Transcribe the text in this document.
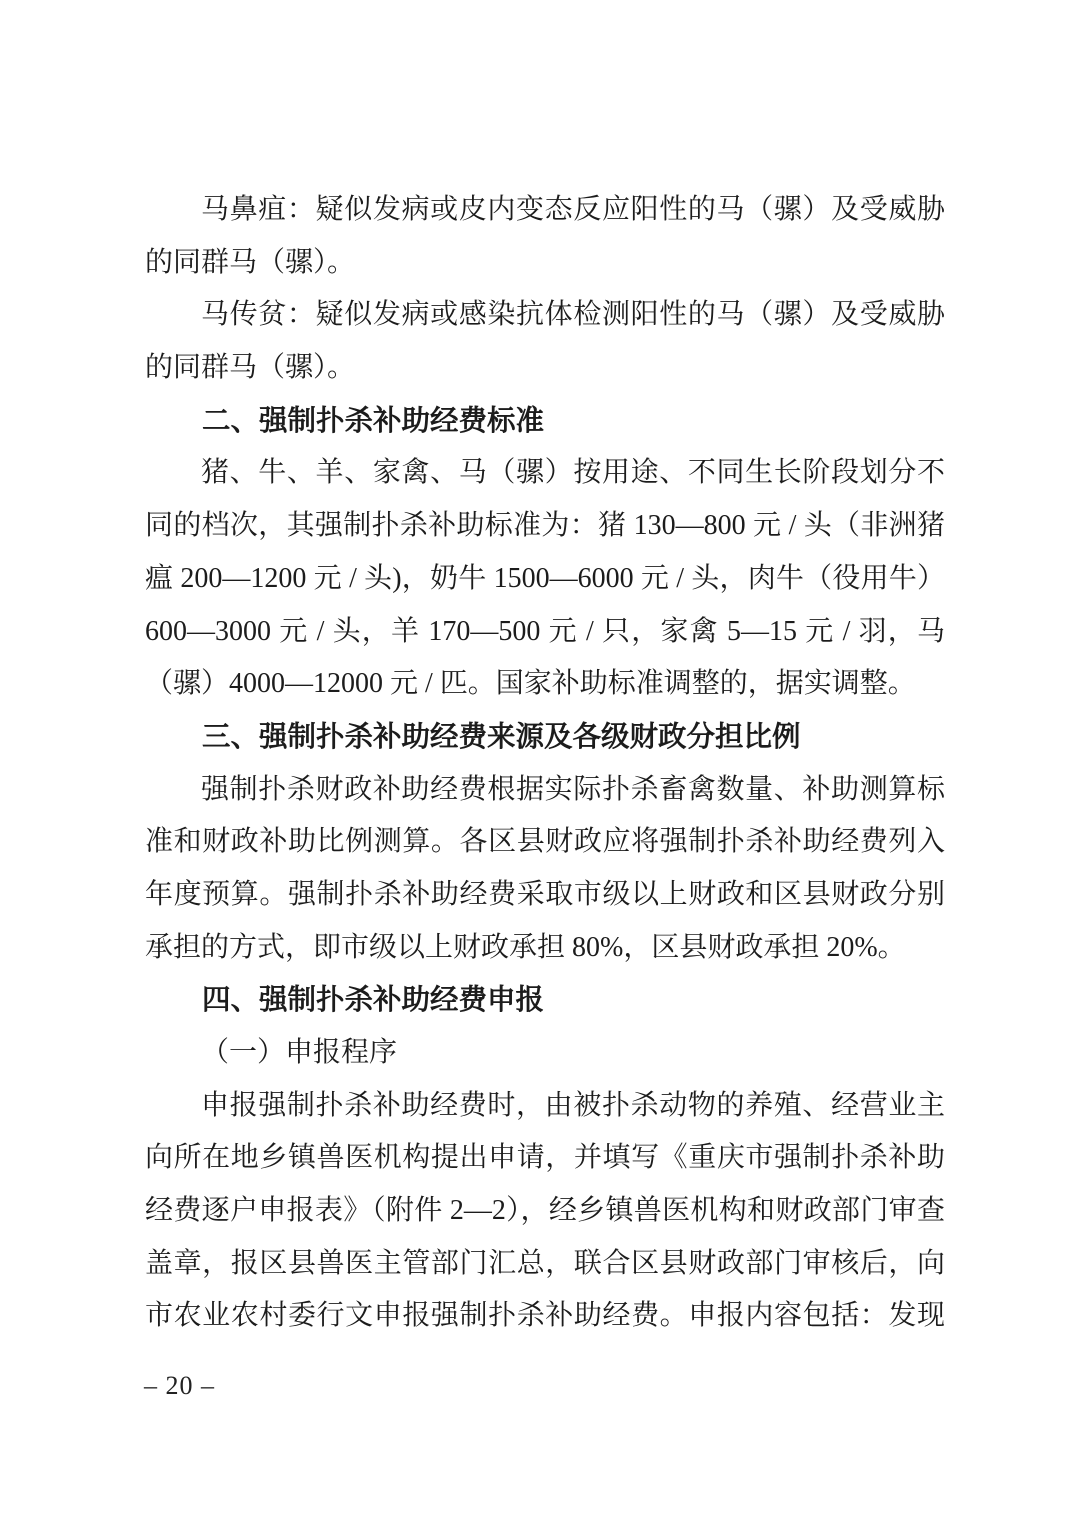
马鼻疽：疑似发病或皮内变态反应阳性的马（骡）及受威胁
的同群马（骡）。
马传贫：疑似发病或感染抗体检测阳性的马（骡）及受威胁
的同群马（骡）。
二、强制扑杀补助经费标准
猪、牛、羊、家禽、马（骡）按用途、不同生长阶段划分不
同的档次，其强制扑杀补助标准为：猪 130—800 元 / 头（非洲猪
瘟 200—1200 元 / 头)，奶牛 1500—6000 元 / 头，肉牛（役用牛）
600—3000 元 / 头，羊 170—500 元 / 只，家禽 5—15 元 / 羽，马
（骡）4000—12000 元 / 匹。国家补助标准调整的，据实调整。
三、强制扑杀补助经费来源及各级财政分担比例
强制扑杀财政补助经费根据实际扑杀畜禽数量、补助测算标
准和财政补助比例测算。各区县财政应将强制扑杀补助经费列入
年度预算。强制扑杀补助经费采取市级以上财政和区县财政分别
承担的方式，即市级以上财政承担 80%，区县财政承担 20%。
四、强制扑杀补助经费申报
（一）申报程序
申报强制扑杀补助经费时，由被扑杀动物的养殖、经营业主
向所在地乡镇兽医机构提出申请，并填写《重庆市强制扑杀补助
经费逐户申报表》（附件 2—2），经乡镇兽医机构和财政部门审查
盖章，报区县兽医主管部门汇总，联合区县财政部门审核后，向
市农业农村委行文申报强制扑杀补助经费。申报内容包括：发现
– 20 –
